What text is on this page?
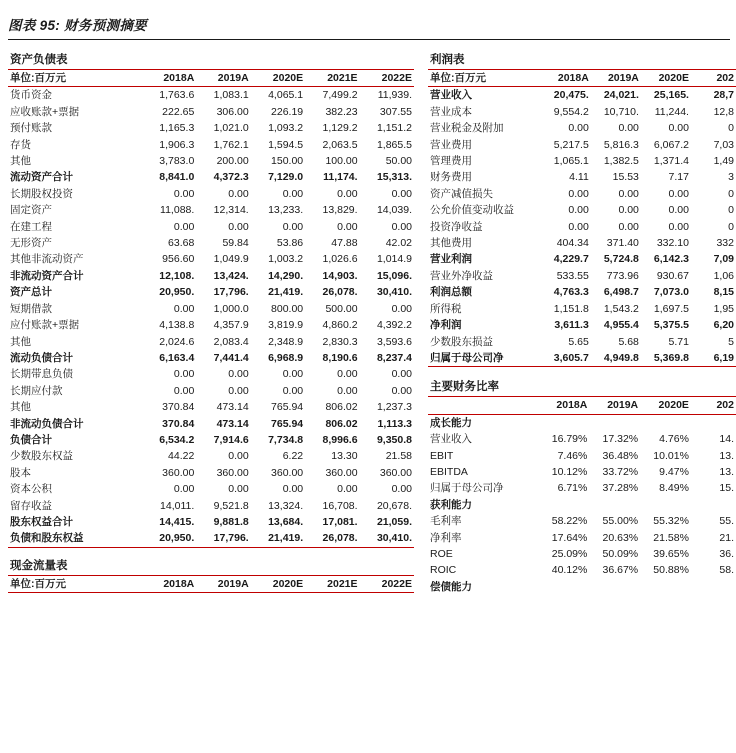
图表 95: 财务预测摘要
资产负债表
单位:百万元	2018A	2019A	2020E	2021E	2022E
货币资金	1,763.6	1,083.1	4,065.1	7,499.2	11,939.
应收账款+票据	222.65	306.00	226.19	382.23	307.55
预付账款	1,165.3	1,021.0	1,093.2	1,129.2	1,151.2
存货	1,906.3	1,762.1	1,594.5	2,063.5	1,865.5
其他	3,783.0	200.00	150.00	100.00	50.00
流动资产合计	8,841.0	4,372.3	7,129.0	11,174.	15,313.
长期股权投资	0.00	0.00	0.00	0.00	0.00
固定资产	11,088.	12,314.	13,233.	13,829.	14,039.
在建工程	0.00	0.00	0.00	0.00	0.00
无形资产	63.68	59.84	53.86	47.88	42.02
其他非流动资产	956.60	1,049.9	1,003.2	1,026.6	1,014.9
非流动资产合计	12,108.	13,424.	14,290.	14,903.	15,096.
资产总计	20,950.	17,796.	21,419.	26,078.	30,410.
短期借款	0.00	1,000.0	800.00	500.00	0.00
应付账款+票据	4,138.8	4,357.9	3,819.9	4,860.2	4,392.2
其他	2,024.6	2,083.4	2,348.9	2,830.3	3,593.6
流动负债合计	6,163.4	7,441.4	6,968.9	8,190.6	8,237.4
长期带息负债	0.00	0.00	0.00	0.00	0.00
长期应付款	0.00	0.00	0.00	0.00	0.00
其他	370.84	473.14	765.94	806.02	1,237.3
非流动负债合计	370.84	473.14	765.94	806.02	1,113.3
负债合计	6,534.2	7,914.6	7,734.8	8,996.6	9,350.8
少数股东权益	44.22	0.00	6.22	13.30	21.58
股本	360.00	360.00	360.00	360.00	360.00
资本公积	0.00	0.00	0.00	0.00	0.00
留存收益	14,011.	9,521.8	13,324.	16,708.	20,678.
股东权益合计	14,415.	9,881.8	13,684.	17,081.	21,059.
负债和股东权益	20,950.	17,796.	21,419.	26,078.	30,410.
现金流量表
单位:百万元	2018A	2019A	2020E	2021E	2022E
利润表
单位:百万元	2018A	2019A	2020E	202
营业收入	20,475.	24,021.	25,165.	28,7
营业成本	9,554.2	10,710.	11,244.	12,8
营业税金及附加	0.00	0.00	0.00	0
营业费用	5,217.5	5,816.3	6,067.2	7,03
管理费用	1,065.1	1,382.5	1,371.4	1,49
财务费用	4.11	15.53	7.17	3
资产减值损失	0.00	0.00	0.00	0
公允价值变动收益	0.00	0.00	0.00	0
投资净收益	0.00	0.00	0.00	0
其他费用	404.34	371.40	332.10	332
营业利润	4,229.7	5,724.8	6,142.3	7,09
营业外净收益	533.55	773.96	930.67	1,06
利润总额	4,763.3	6,498.7	7,073.0	8,15
所得税	1,151.8	1,543.2	1,697.5	1,95
净利润	3,611.3	4,955.4	5,375.5	6,20
少数股东损益	5.65	5.68	5.71	5
归属于母公司净	3,605.7	4,949.8	5,369.8	6,19
主要财务比率
	2018A	2019A	2020E	202
成长能力				
营业收入	16.79%	17.32%	4.76%	14.
EBIT	7.46%	36.48%	10.01%	13.
EBITDA	10.12%	33.72%	9.47%	13.
归属于母公司净	6.71%	37.28%	8.49%	15.
获利能力				
毛利率	58.22%	55.00%	55.32%	55.
净利率	17.64%	20.63%	21.58%	21.
ROE	25.09%	50.09%	39.65%	36.
ROIC	40.12%	36.67%	50.88%	58.
偿债能力				
